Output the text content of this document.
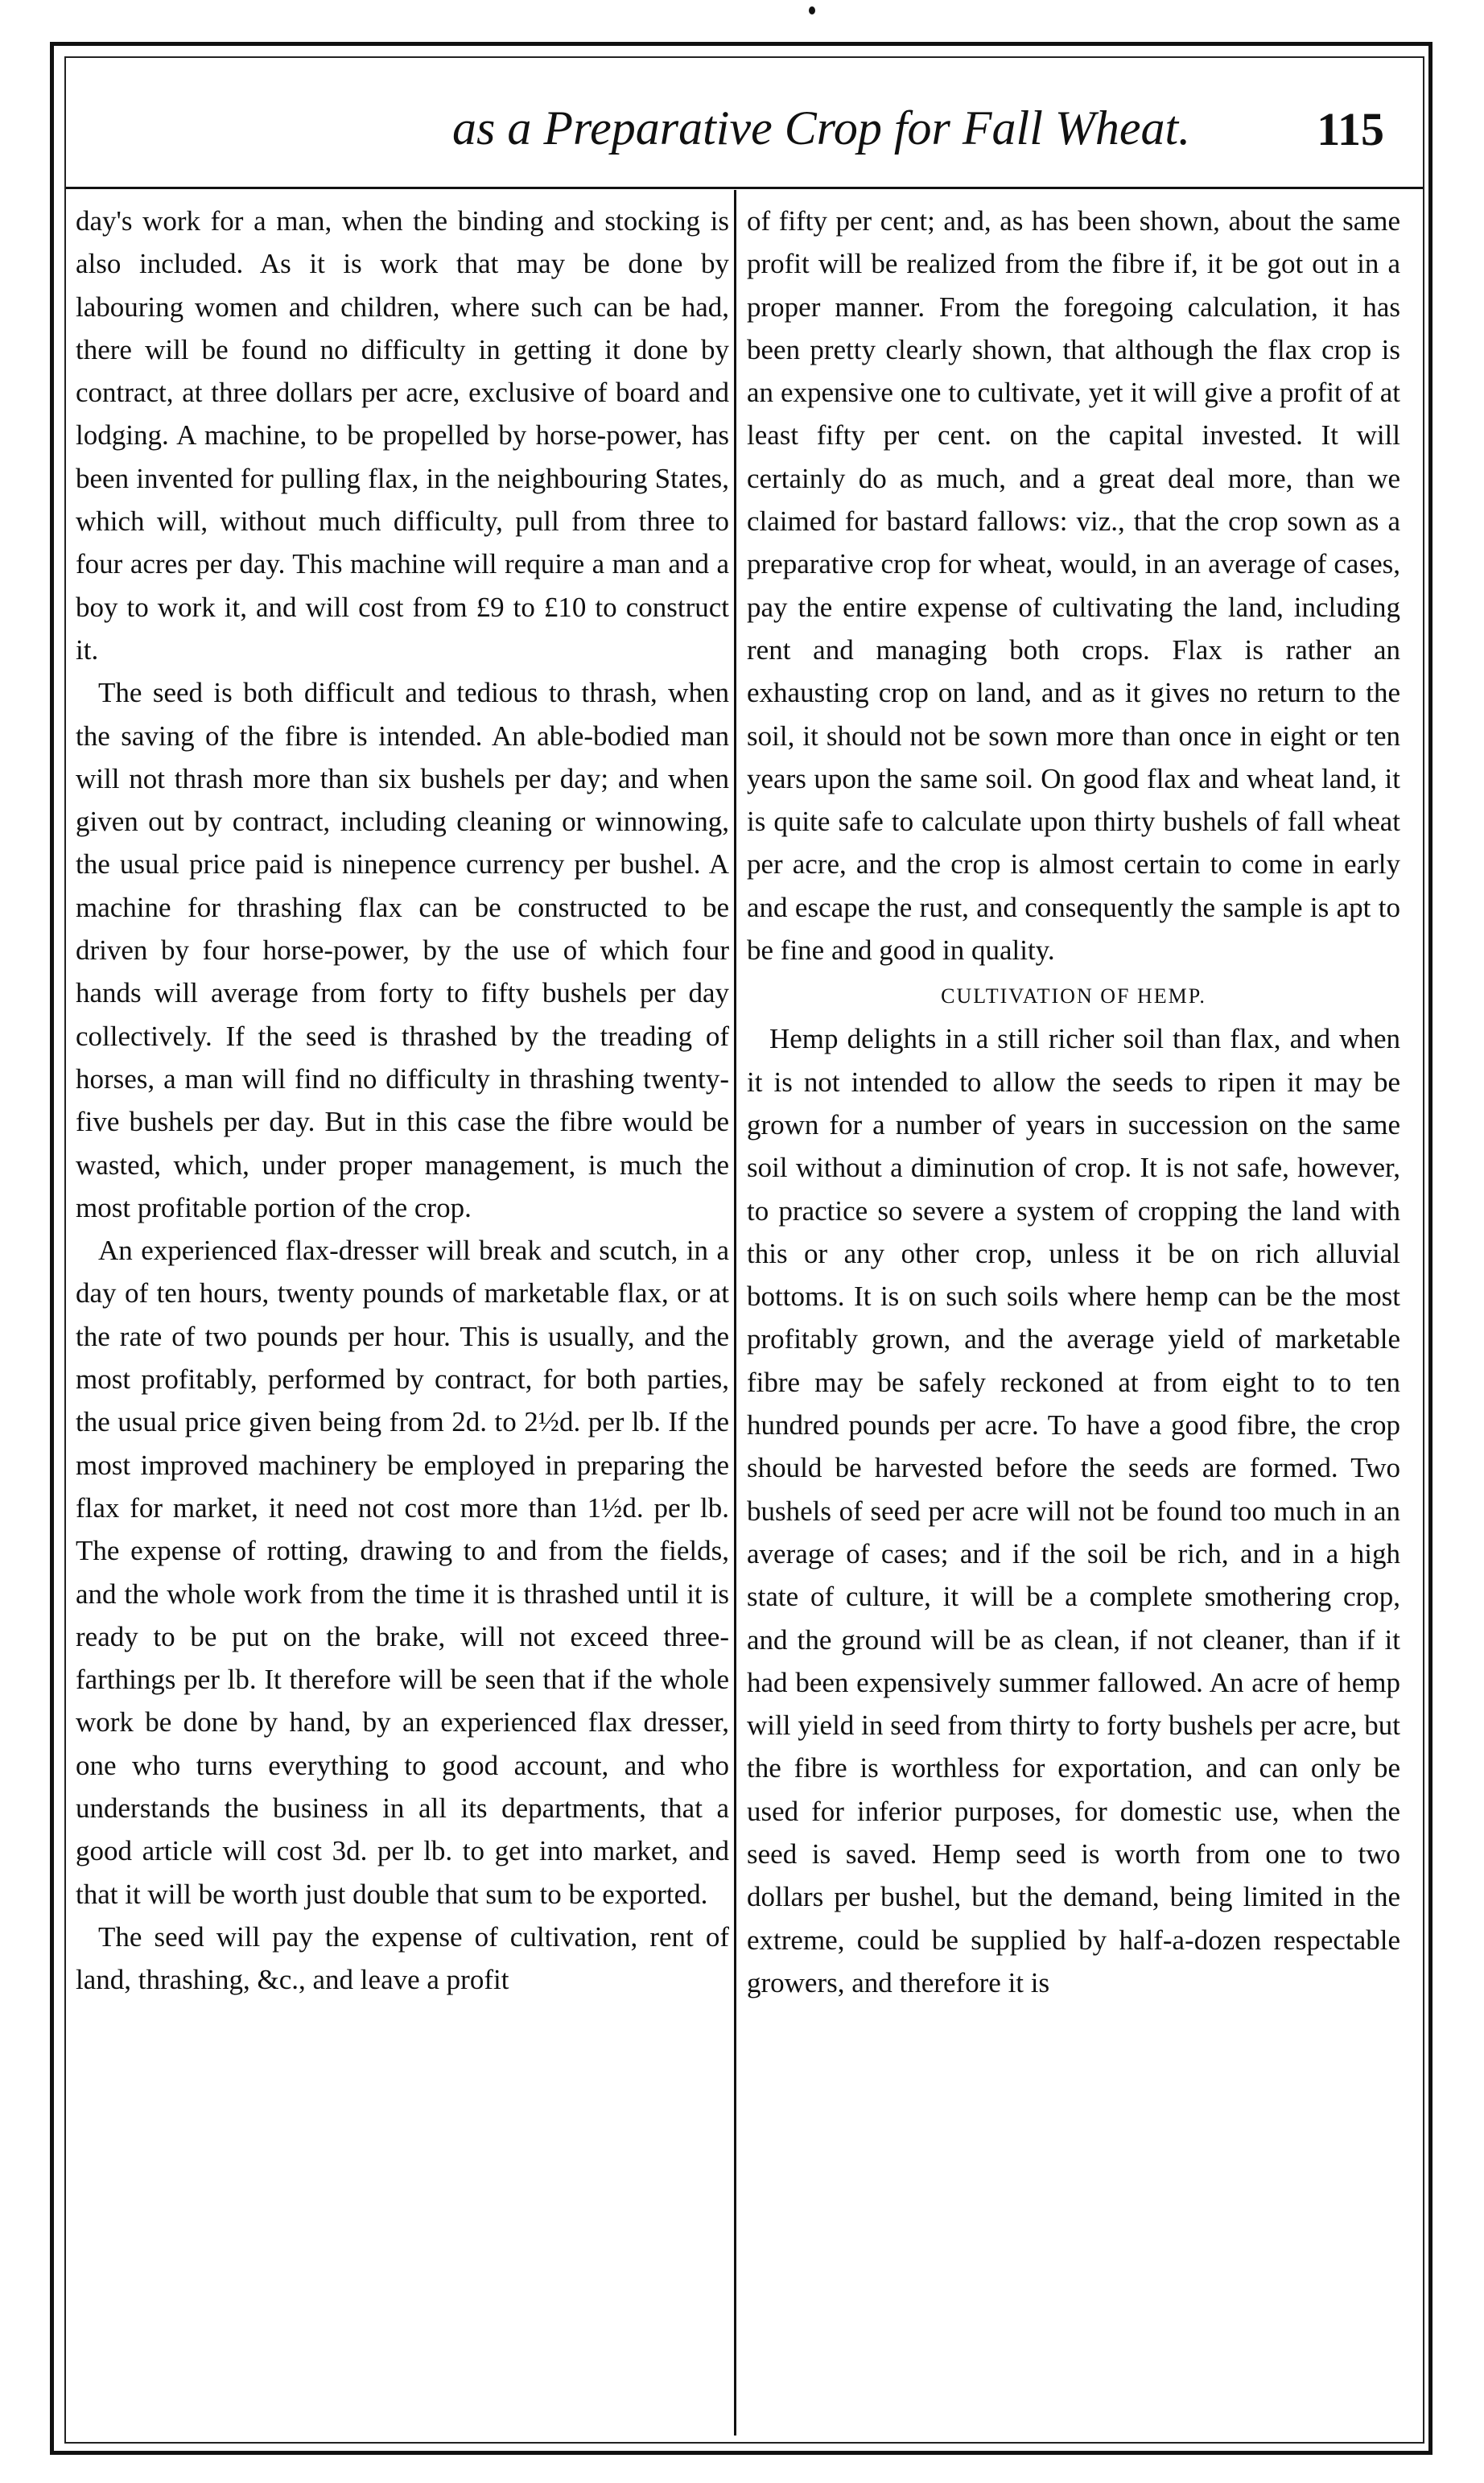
as a Preparative Crop for Fall Wheat.	115

day's work for a man, when the binding and stocking is also included. As it is work that may be done by labouring women and children, where such can be had, there will be found no difficulty in getting it done by contract, at three dollars per acre, exclusive of board and lodging. A machine, to be propelled by horse-power, has been invented for pulling flax, in the neighbouring States, which will, without much difficulty, pull from three to four acres per day. This machine will require a man and a boy to work it, and will cost from £9 to £10 to construct it.

The seed is both difficult and tedious to thrash, when the saving of the fibre is intended. An able-bodied man will not thrash more than six bushels per day; and when given out by contract, including cleaning or winnowing, the usual price paid is ninepence currency per bushel. A machine for thrashing flax can be constructed to be driven by four horse-power, by the use of which four hands will average from forty to fifty bushels per day collectively. If the seed is thrashed by the treading of horses, a man will find no difficulty in thrashing twenty-five bushels per day. But in this case the fibre would be wasted, which, under proper management, is much the most profitable portion of the crop.

An experienced flax-dresser will break and scutch, in a day of ten hours, twenty pounds of marketable flax, or at the rate of two pounds per hour. This is usually, and the most profitably, performed by contract, for both parties, the usual price given being from 2d. to 2½d. per lb. If the most improved machinery be employed in preparing the flax for market, it need not cost more than 1½d. per lb. The expense of rotting, drawing to and from the fields, and the whole work from the time it is thrashed until it is ready to be put on the brake, will not exceed three-farthings per lb. It therefore will be seen that if the whole work be done by hand, by an experienced flax dresser, one who turns everything to good account, and who understands the business in all its departments, that a good article will cost 3d. per lb. to get into market, and that it will be worth just double that sum to be exported.

The seed will pay the expense of cultivation, rent of land, thrashing, &c., and leave a profit

of fifty per cent; and, as has been shown, about the same profit will be realized from the fibre if, it be got out in a proper manner. From the foregoing calculation, it has been pretty clearly shown, that although the flax crop is an expensive one to cultivate, yet it will give a profit of at least fifty per cent. on the capital invested. It will certainly do as much, and a great deal more, than we claimed for bastard fallows: viz., that the crop sown as a preparative crop for wheat, would, in an average of cases, pay the entire expense of cultivating the land, including rent and managing both crops. Flax is rather an exhausting crop on land, and as it gives no return to the soil, it should not be sown more than once in eight or ten years upon the same soil. On good flax and wheat land, it is quite safe to calculate upon thirty bushels of fall wheat per acre, and the crop is almost certain to come in early and escape the rust, and consequently the sample is apt to be fine and good in quality.

CULTIVATION OF HEMP.

Hemp delights in a still richer soil than flax, and when it is not intended to allow the seeds to ripen it may be grown for a number of years in succession on the same soil without a diminution of crop. It is not safe, however, to practice so severe a system of cropping the land with this or any other crop, unless it be on rich alluvial bottoms. It is on such soils where hemp can be the most profitably grown, and the average yield of marketable fibre may be safely reckoned at from eight to to ten hundred pounds per acre. To have a good fibre, the crop should be harvested before the seeds are formed. Two bushels of seed per acre will not be found too much in an average of cases; and if the soil be rich, and in a high state of culture, it will be a complete smothering crop, and the ground will be as clean, if not cleaner, than if it had been expensively summer fallowed. An acre of hemp will yield in seed from thirty to forty bushels per acre, but the fibre is worthless for exportation, and can only be used for inferior purposes, for domestic use, when the seed is saved. Hemp seed is worth from one to two dollars per bushel, but the demand, being limited in the extreme, could be supplied by half-a-dozen respectable growers, and therefore it is
